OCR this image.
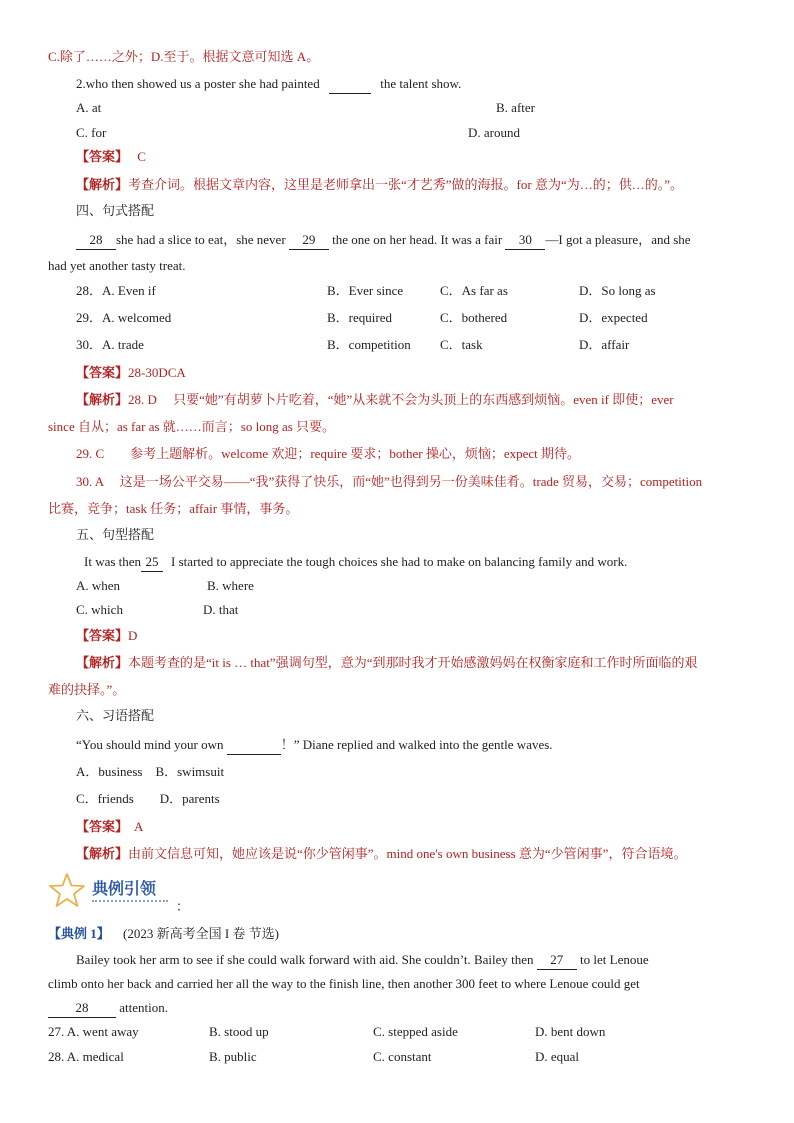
C.除了……之外；D.至于。根据文意可知选 A。
2.who then showed us a poster she had painted	the talent show.
A. at	B. after
C. for	D. around
【答案】 C
【解析】考查介词。根据文章内容，这里是老师拿出一张“才艺秀”做的海报。for 意为“为…的；供…的。”。
四、句式搭配
28 she had a slice to eat，she never 29 the one on her head. It was a fair 30 —I got a pleasure，and she
had yet another tasty treat.
28．A. Even if	B．Ever since	C．As far as	D．So long as
29．A. welcomed	B．required	C．bothered	D．expected
30．A. trade	B．competition C．task	D．affair
【答案】28-30DCA
【解析】28. D　 只要“她”有胡萝卜片吃着，“她”从来就不会为头顶上的东西感到烦恼。even if 即使；ever
since 自从；as far as 就……而言；so long as 只要。
29. C　　参考上题解析。welcome 欢迎；require 要求；bother 操心，烦恼；expect 期待。
30. A　 这是一场公平交易——“我”获得了快乐，而“她”也得到另一份美味佳肴。trade 贸易，交易；competition
比赛，竞争；task 任务；affair 事情，事务。
五、句型搭配
It was then 25 I started to appreciate the tough choices she had to make on balancing family and work.
A. when	B. where
C. which	D. that
【答案】D
【解析】本题考查的是“it is … that”强调句型，意为“到那时我才开始感激妈妈在权衡家庭和工作时所面临的艰
难的抉择。”。
六、习语搭配
“You should mind your own	！” Diane replied and walked into the gentle waves.
A．business　B．swimsuit
C．friends　　D．parents
【答案】 A
【解析】由前文信息可知，她应该是说“你少管闲事”。mind one's own business 意为“少管闲事”，符合语境。
典例引领
：
【典例 1】 (2023 新高考全国 I 卷 节选)
Bailey took her arm to see if she could walk forward with aid. She couldn’t. Bailey then 27 to let Lenoue
climb onto her back and carried her all the way to the finish line, then another 300 feet to where Lenoue could get
28 attention.
27. A. went away	B. stood up	C. stepped aside	D. bent down
28. A. medical	B. public	C. constant	D. equal
